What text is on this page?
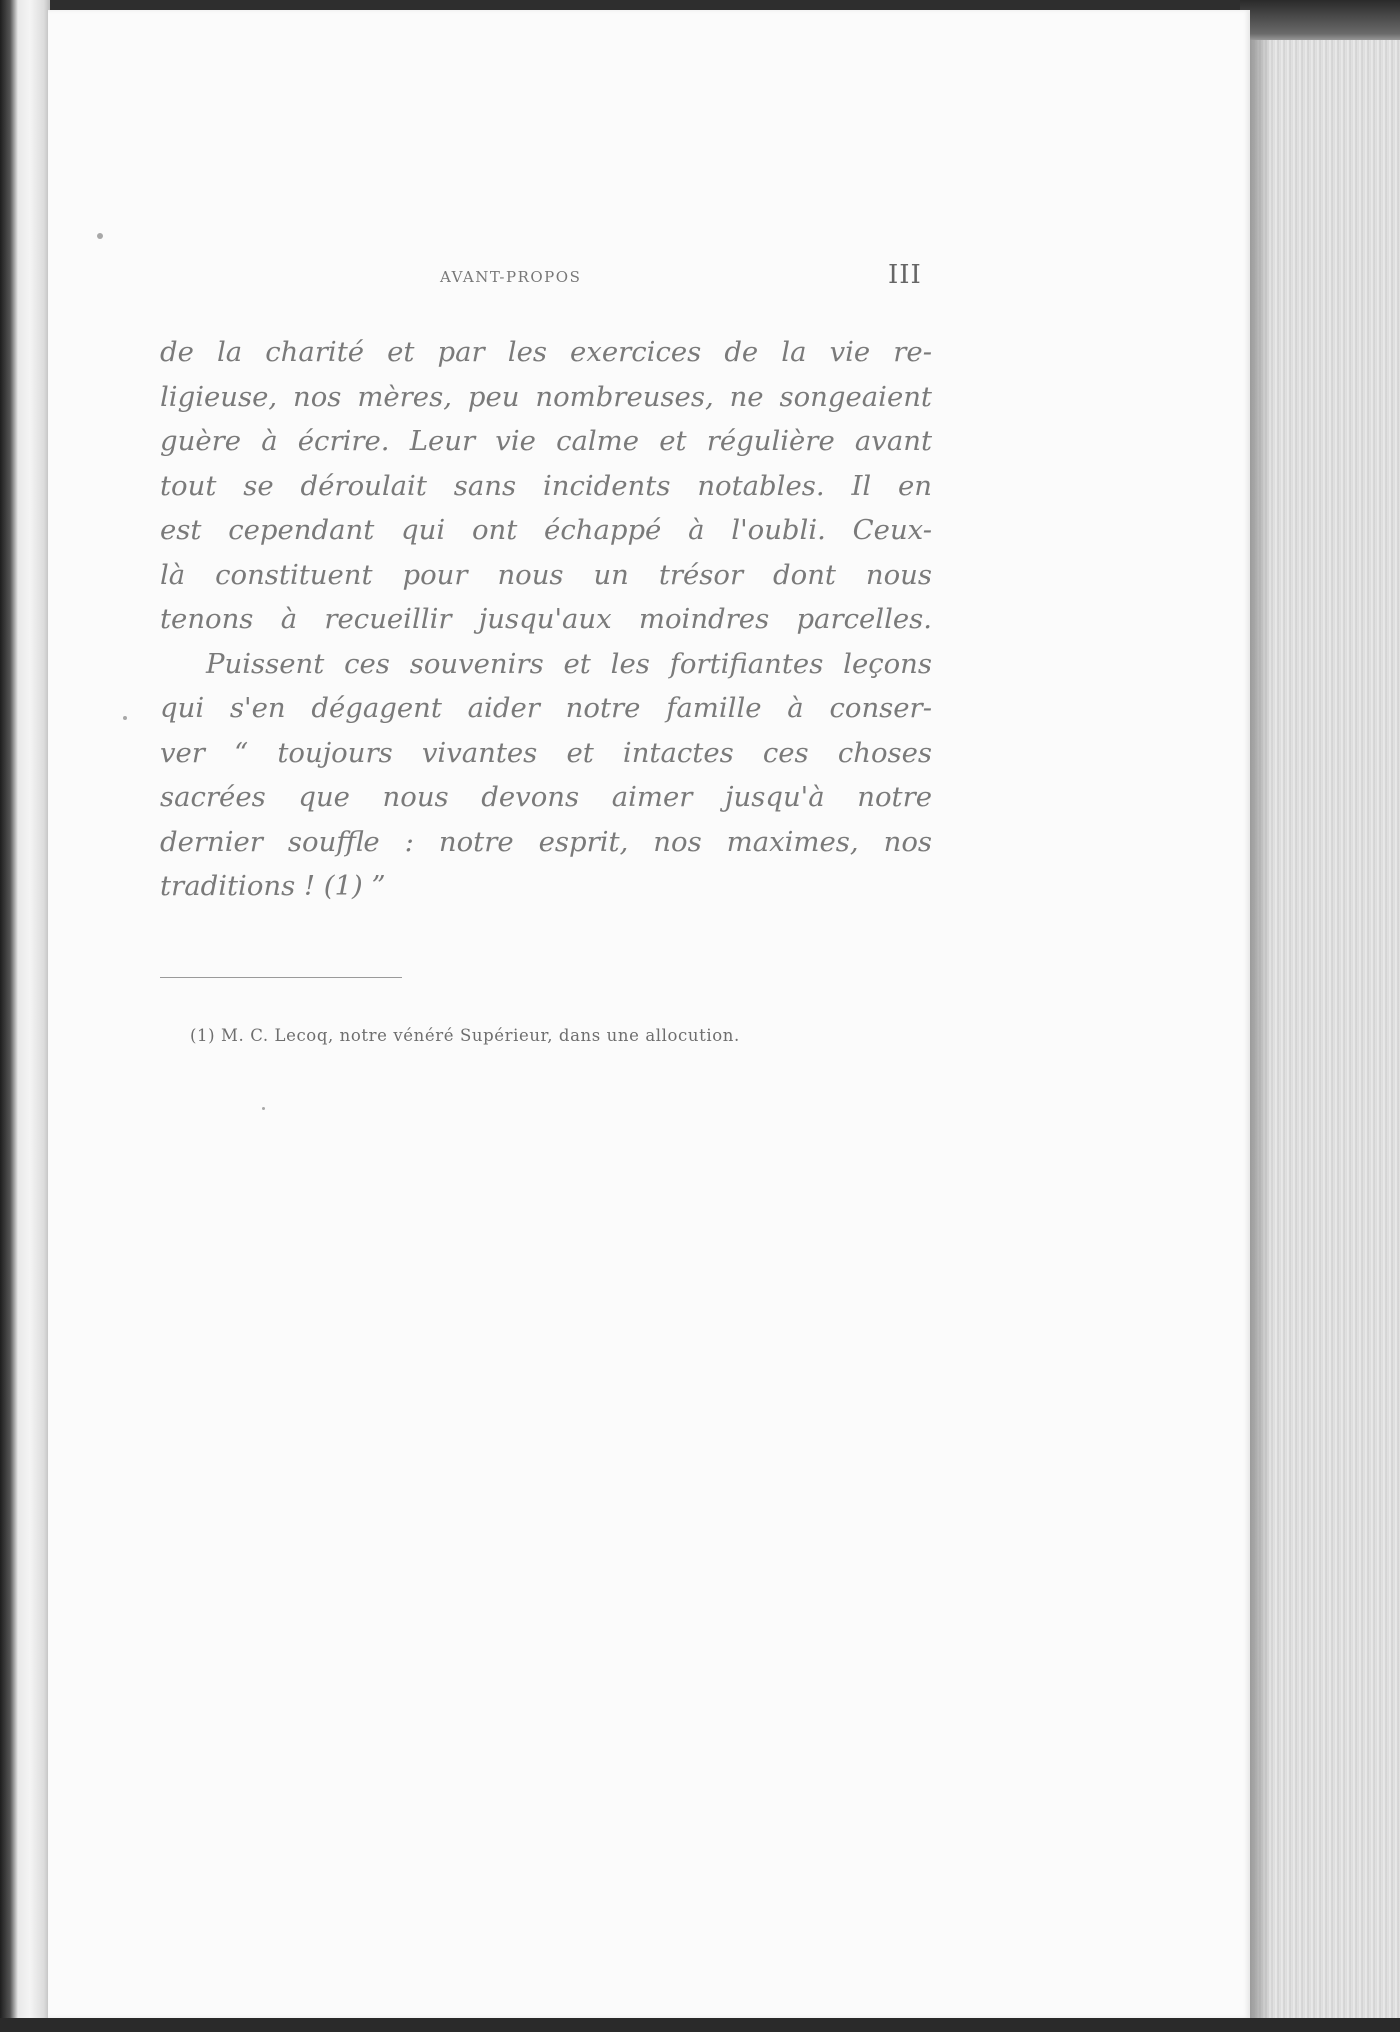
AVANT-PROPOS	III
de la charité et par les exercices de la vie re-
ligieuse, nos mères, peu nombreuses, ne songeaient
guère à écrire. Leur vie calme et régulière avant
tout se déroulait sans incidents notables. Il en
est cependant qui ont échappé à l'oubli. Ceux-
là constituent pour nous un trésor dont nous
tenons à recueillir jusqu'aux moindres parcelles.
Puissent ces souvenirs et les fortifiantes leçons
qui s'en dégagent aider notre famille à conser-
ver “ toujours vivantes et intactes ces choses
sacrées que nous devons aimer jusqu'à notre
dernier souffle : notre esprit, nos maximes, nos
traditions ! (1) ”
(1) M. C. Lecoq, notre vénéré Supérieur, dans une allocution.
